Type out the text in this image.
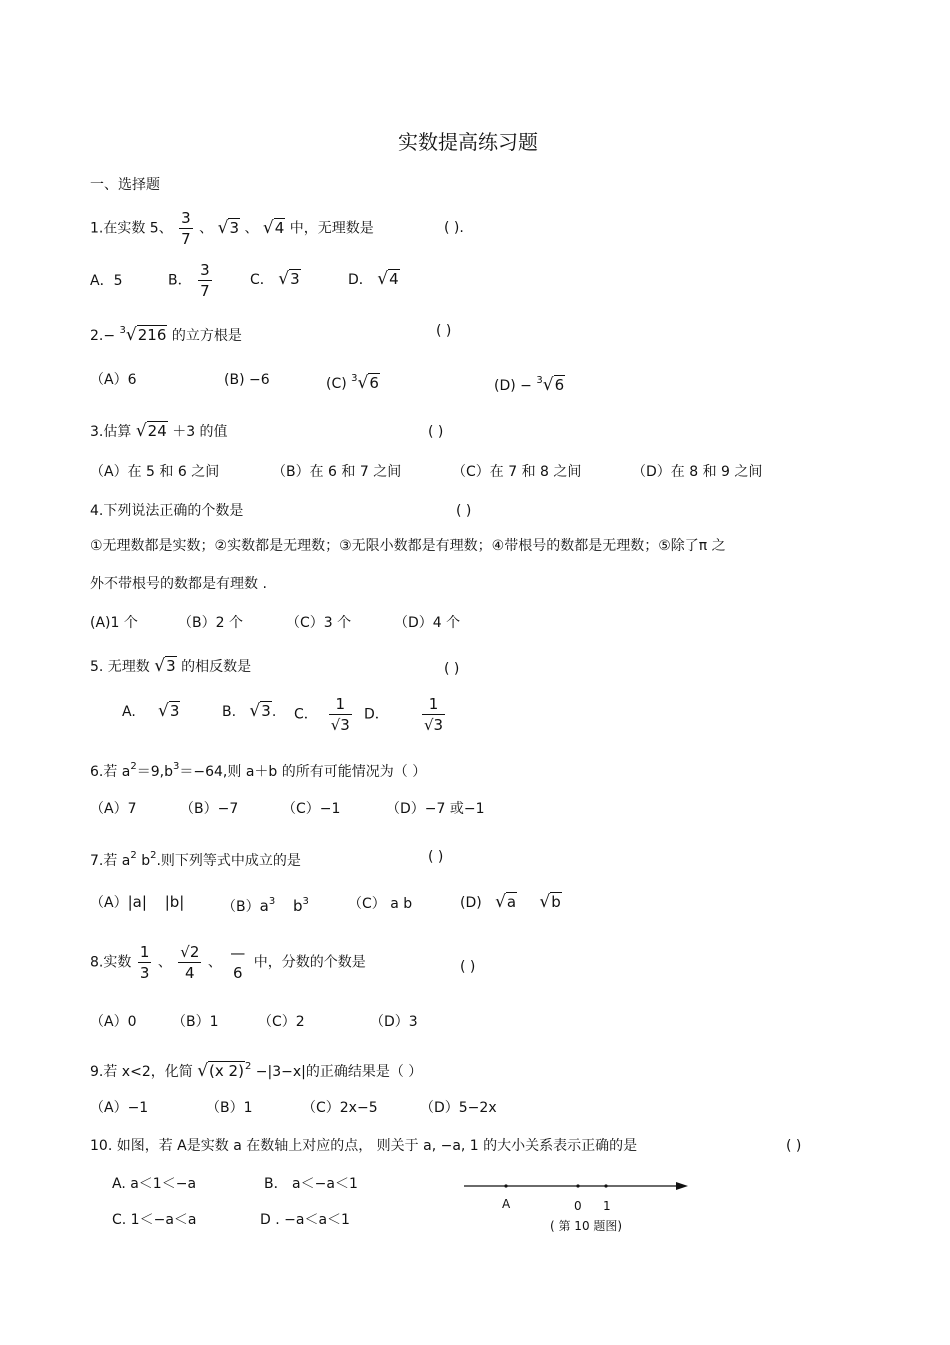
实数提高练习题
一、选择题
1.在实数 5、 $\frac{3}{7}$ 、 √3 、 √4 中，无理数是	( ).
A．5	B． $\frac{3}{7}$	C． √3	D． √4
2.− $^3$√216 的立方根是	( )
（A）6	(B) −6	(C) $^3$√6	(D) − $^3$√6
3.估算 √24 ＋3 的值	( )
（A）在 5 和 6 之间	（B）在 6 和 7 之间	（C）在 7 和 8 之间	（D）在 8 和 9 之间
4.下列说法正确的个数是	( )
①无理数都是实数；②实数都是无理数；③无限小数都是有理数；④带根号的数都是无理数；⑤除了π 之
外不带根号的数都是有理数 .
(A)1 个	（B）2 个	（C）3 个	（D）4 个
5. 无理数 √3 的相反数是	( )
A. √3	B. √3. C． $\frac{1}{√3}$ D． $\frac{1}{√3}$
6.若 $a^2=9,b^3=-64$,则 a＋b 的所有可能情况为（ ）
（A）7	（B）−7	（C）−1	（D）−7 或−1
7.若 $a^2$ $b^2$.则下列等式中成立的是	( )
（A）|a| |b|	$(B)a^3$ $b^3$	（C） a b	(D) √a √b
8.实数 $\frac{1}{3}$ 、 $\frac{√2}{4}$ 、
—
6
中，分数的个数是	( )
（A）0	（B）1	（C）2	（D）3
9.若 x<2，化简 √(x 2)$^2$ −|3−x|的正确结果是（ ）
（A）−1	（B）1	（C）2x−5	（D）5−2x
10. 如图，若 A是实数 a 在数轴上对应的点， 则关于 a, −a, 1 的大小关系表示正确的是	( )
A. a＜1＜−a	B． a＜−a＜1
C. 1＜−a＜a	D . −a＜a＜1
A	0 1
( 第 10 题图)
